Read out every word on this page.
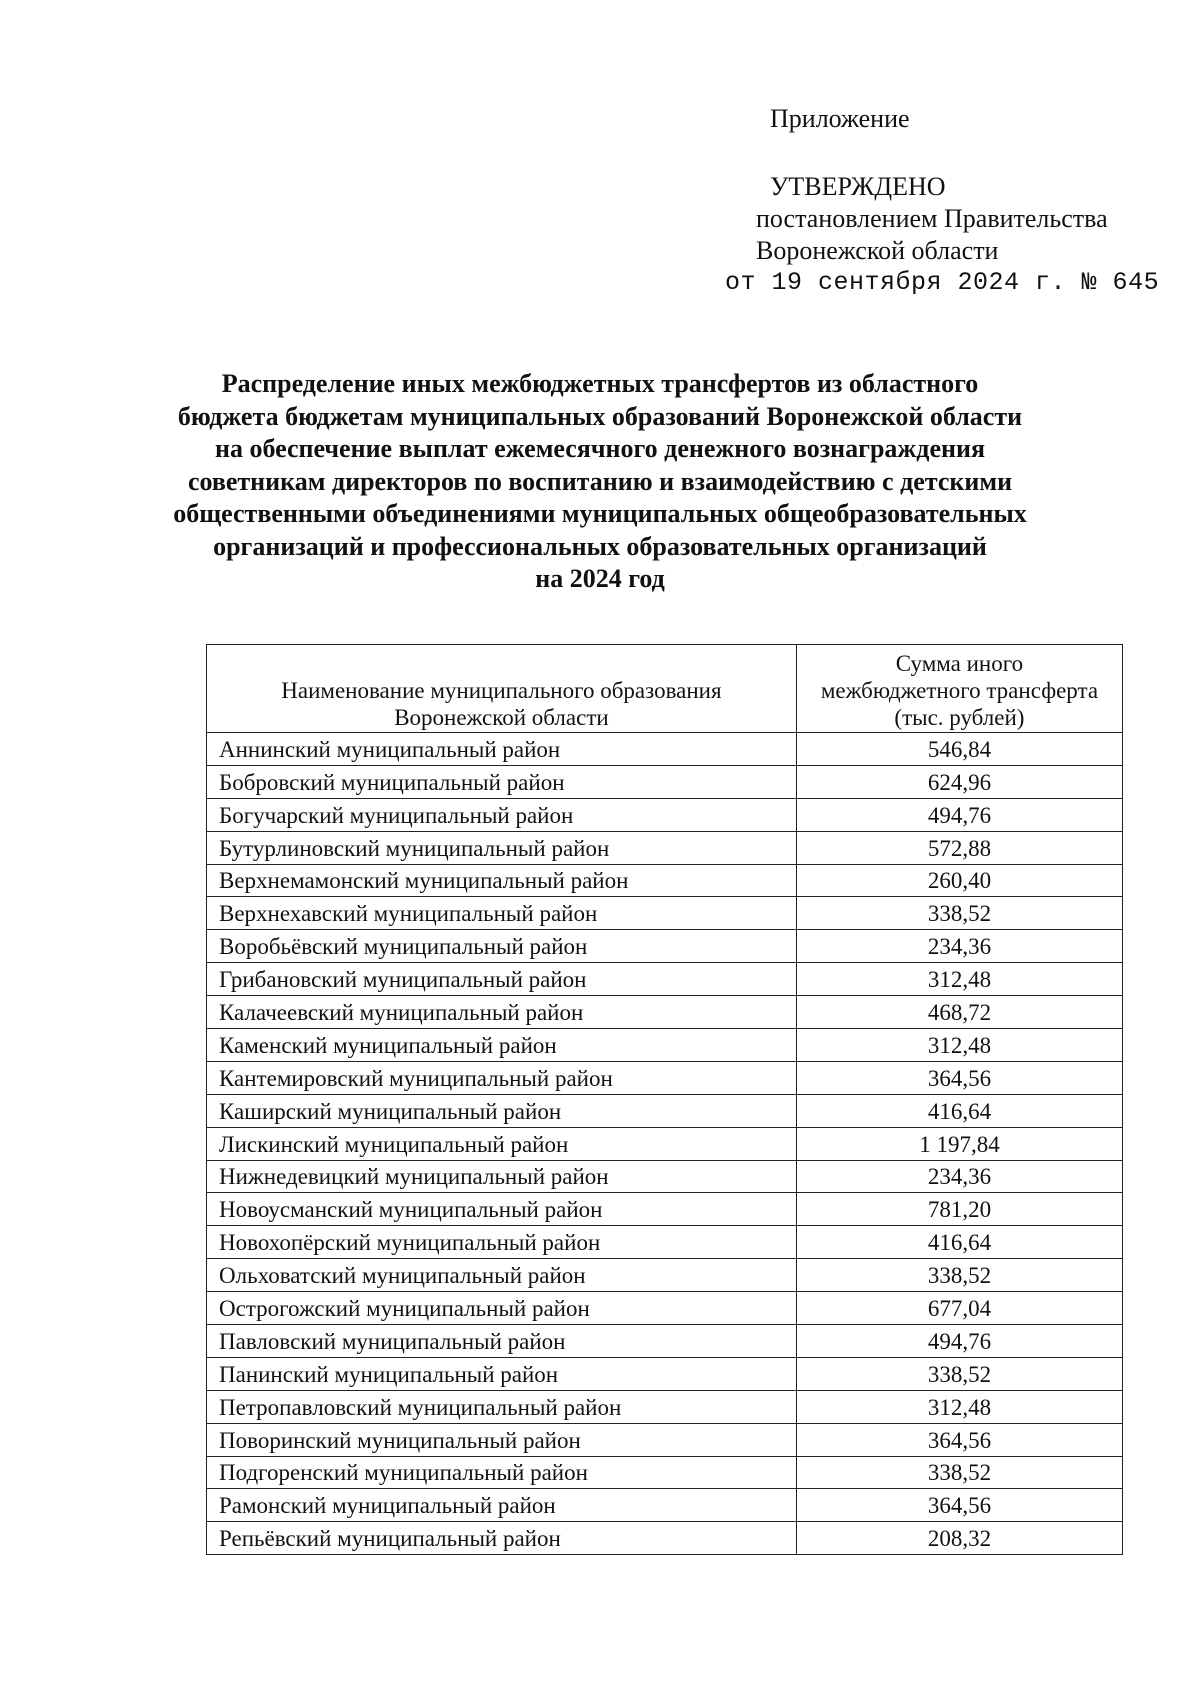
Приложение
УТВЕРЖДЕНО
постановлением Правительства
Воронежской области
от 19 сентября 2024 г. № 645
Распределение иных межбюджетных трансфертов из областного
бюджета бюджетам муниципальных образований Воронежской области
на обеспечение выплат ежемесячного денежного вознаграждения
советникам директоров по воспитанию и взаимодействию с детскими
общественными объединениями муниципальных общеобразовательных
организаций и профессиональных образовательных организаций
на 2024 год
Наименование муниципального образования
Воронежской области	Сумма иного
межбюджетного трансферта
(тыс. рублей)
Аннинский муниципальный район	546,84
Бобровский муниципальный район	624,96
Богучарский муниципальный район	494,76
Бутурлиновский муниципальный район	572,88
Верхнемамонский муниципальный район	260,40
Верхнехавский муниципальный район	338,52
Воробьёвский муниципальный район	234,36
Грибановский муниципальный район	312,48
Калачеевский муниципальный район	468,72
Каменский муниципальный район	312,48
Кантемировский муниципальный район	364,56
Каширский муниципальный район	416,64
Лискинский муниципальный район	1 197,84
Нижнедевицкий муниципальный район	234,36
Новоусманский муниципальный район	781,20
Новохопёрский муниципальный район	416,64
Ольховатский муниципальный район	338,52
Острогожский муниципальный район	677,04
Павловский муниципальный район	494,76
Панинский муниципальный район	338,52
Петропавловский муниципальный район	312,48
Поворинский муниципальный район	364,56
Подгоренский муниципальный район	338,52
Рамонский муниципальный район	364,56
Репьёвский муниципальный район	208,32
